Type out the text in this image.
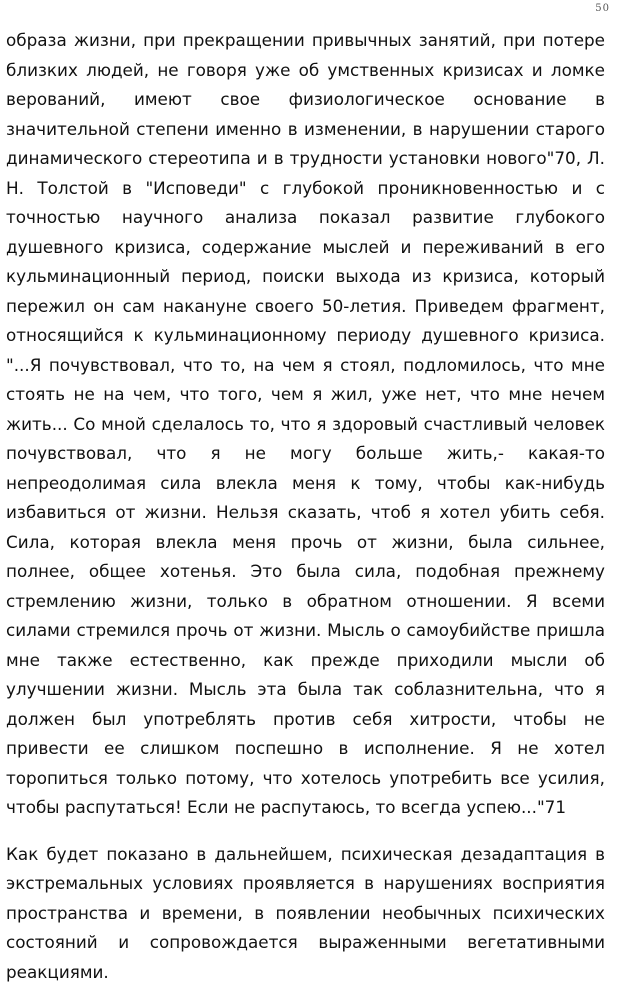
50

образа жизни, при прекращении привычных занятий, при потере близких людей, не говоря уже об умственных кризисах и ломке верований, имеют свое физиологическое основание в значительной степени именно в изменении, в нарушении старого динамического стереотипа и в трудности установки нового"70, Л. Н. Толстой в "Исповеди" с глубокой проникновенностью и с точностью научного анализа показал развитие глубокого душевного кризиса, содержание мыслей и переживаний в его кульминационный период, поиски выхода из кризиса, который пережил он сам накануне своего 50-летия. Приведем фрагмент, относящийся к кульминационному периоду душевного кризиса. "...Я почувствовал, что то, на чем я стоял, подломилось, что мне стоять не на чем, что того, чем я жил, уже нет, что мне нечем жить... Со мной сделалось то, что я здоровый счастливый человек почувствовал, что я не могу больше жить,- какая-то непреодолимая сила влекла меня к тому, чтобы как-нибудь избавиться от жизни. Нельзя сказать, чтоб я хотел убить себя. Сила, которая влекла меня прочь от жизни, была сильнее, полнее, общее хотенья. Это была сила, подобная прежнему стремлению жизни, только в обратном отношении. Я всеми силами стремился прочь от жизни. Мысль о самоубийстве пришла мне также естественно, как прежде приходили мысли об улучшении жизни. Мысль эта была так соблазнительна, что я должен был употреблять против себя хитрости, чтобы не привести ее слишком поспешно в исполнение. Я не хотел торопиться только потому, что хотелось употребить все усилия, чтобы распутаться! Если не распутаюсь, то всегда успею..."71

Как будет показано в дальнейшем, психическая дезадаптация в экстремальных условиях проявляется в нарушениях восприятия пространства и времени, в появлении необычных психических состояний и сопровождается выраженными вегетативными реакциями.
